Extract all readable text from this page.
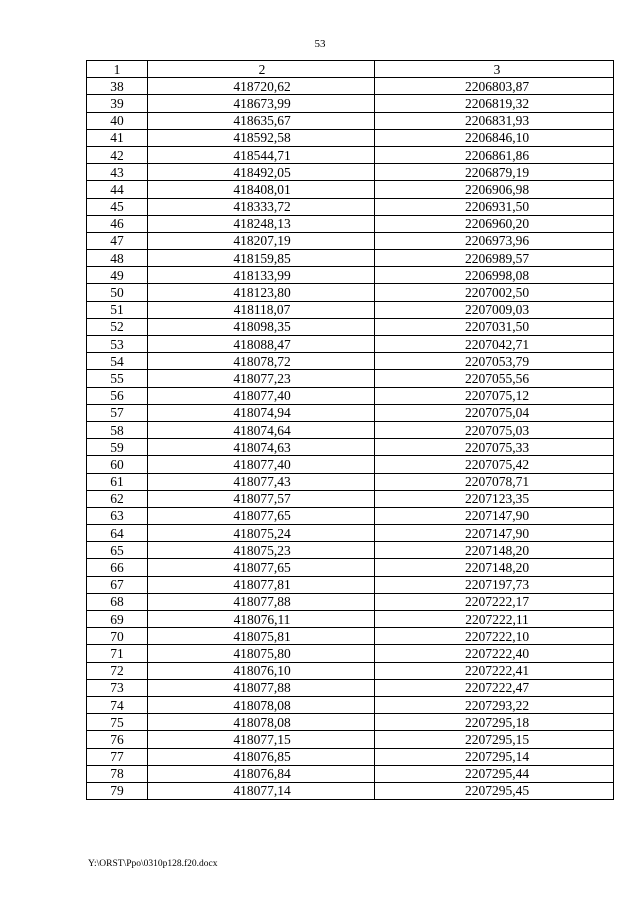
53
1	2	3
38	418720,62	2206803,87
39	418673,99	2206819,32
40	418635,67	2206831,93
41	418592,58	2206846,10
42	418544,71	2206861,86
43	418492,05	2206879,19
44	418408,01	2206906,98
45	418333,72	2206931,50
46	418248,13	2206960,20
47	418207,19	2206973,96
48	418159,85	2206989,57
49	418133,99	2206998,08
50	418123,80	2207002,50
51	418118,07	2207009,03
52	418098,35	2207031,50
53	418088,47	2207042,71
54	418078,72	2207053,79
55	418077,23	2207055,56
56	418077,40	2207075,12
57	418074,94	2207075,04
58	418074,64	2207075,03
59	418074,63	2207075,33
60	418077,40	2207075,42
61	418077,43	2207078,71
62	418077,57	2207123,35
63	418077,65	2207147,90
64	418075,24	2207147,90
65	418075,23	2207148,20
66	418077,65	2207148,20
67	418077,81	2207197,73
68	418077,88	2207222,17
69	418076,11	2207222,11
70	418075,81	2207222,10
71	418075,80	2207222,40
72	418076,10	2207222,41
73	418077,88	2207222,47
74	418078,08	2207293,22
75	418078,08	2207295,18
76	418077,15	2207295,15
77	418076,85	2207295,14
78	418076,84	2207295,44
79	418077,14	2207295,45
Y:\ORST\Ppo\0310p128.f20.docx
